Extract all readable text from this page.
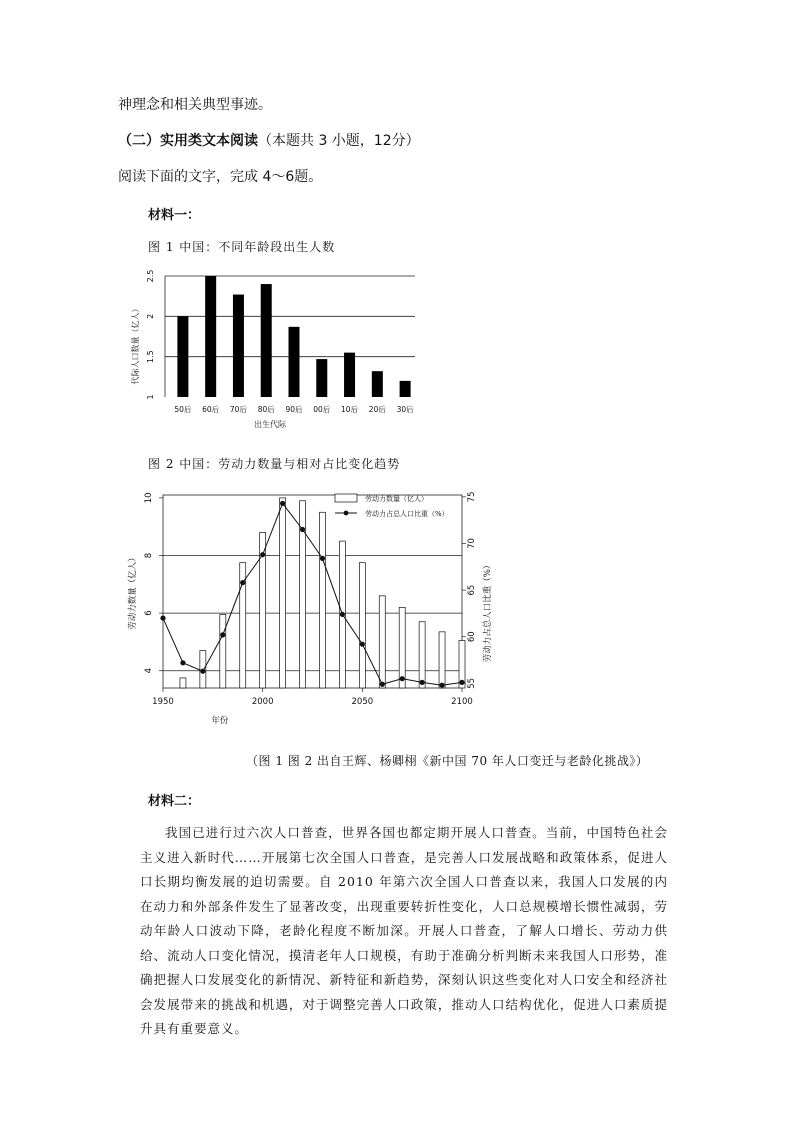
神理念和相关典型事迹。
（二）实用类文本阅读（本题共 3 小题，12分）
阅读下面的文字，完成 4～6题。
材料一：
图 1 中国：不同年龄段出生人数
1
1.5
2
2.5
50后 60后 70后 80后 90后 00后 10后 20后 30后
出生代际
代际人口数量（亿人）
图 2 中国：劳动力数量与相对占比变化趋势
4
6
8
10
55
60
65
70
75
1950	2000	2050	2100
劳动力数量（亿人）
劳动力占总人口比重（%）
年份
劳动力数量（亿人）	劳动力占总人口比重（%）
（图 1 图 2 出自王辉、杨卿栩《新中国 70 年人口变迁与老龄化挑战》）
材料二：
我国已进行过六次人口普查，世界各国也都定期开展人口普查。当前，中国特色社会主义进入新时代……开展第七次全国人口普查，是完善人口发展战略和政策体系，促进人口长期均衡发展的迫切需要。自 2010 年第六次全国人口普查以来，我国人口发展的内在动力和外部条件发生了显著改变，出现重要转折性变化，人口总规模增长惯性减弱，劳动年龄人口波动下降，老龄化程度不断加深。开展人口普查，了解人口增长、劳动力供给、流动人口变化情况，摸清老年人口规模，有助于准确分析判断未来我国人口形势，准确把握人口发展变化的新情况、新特征和新趋势，深刻认识这些变化对人口安全和经济社会发展带来的挑战和机遇，对于调整完善人口政策，推动人口结构优化，促进人口素质提升具有重要意义。
